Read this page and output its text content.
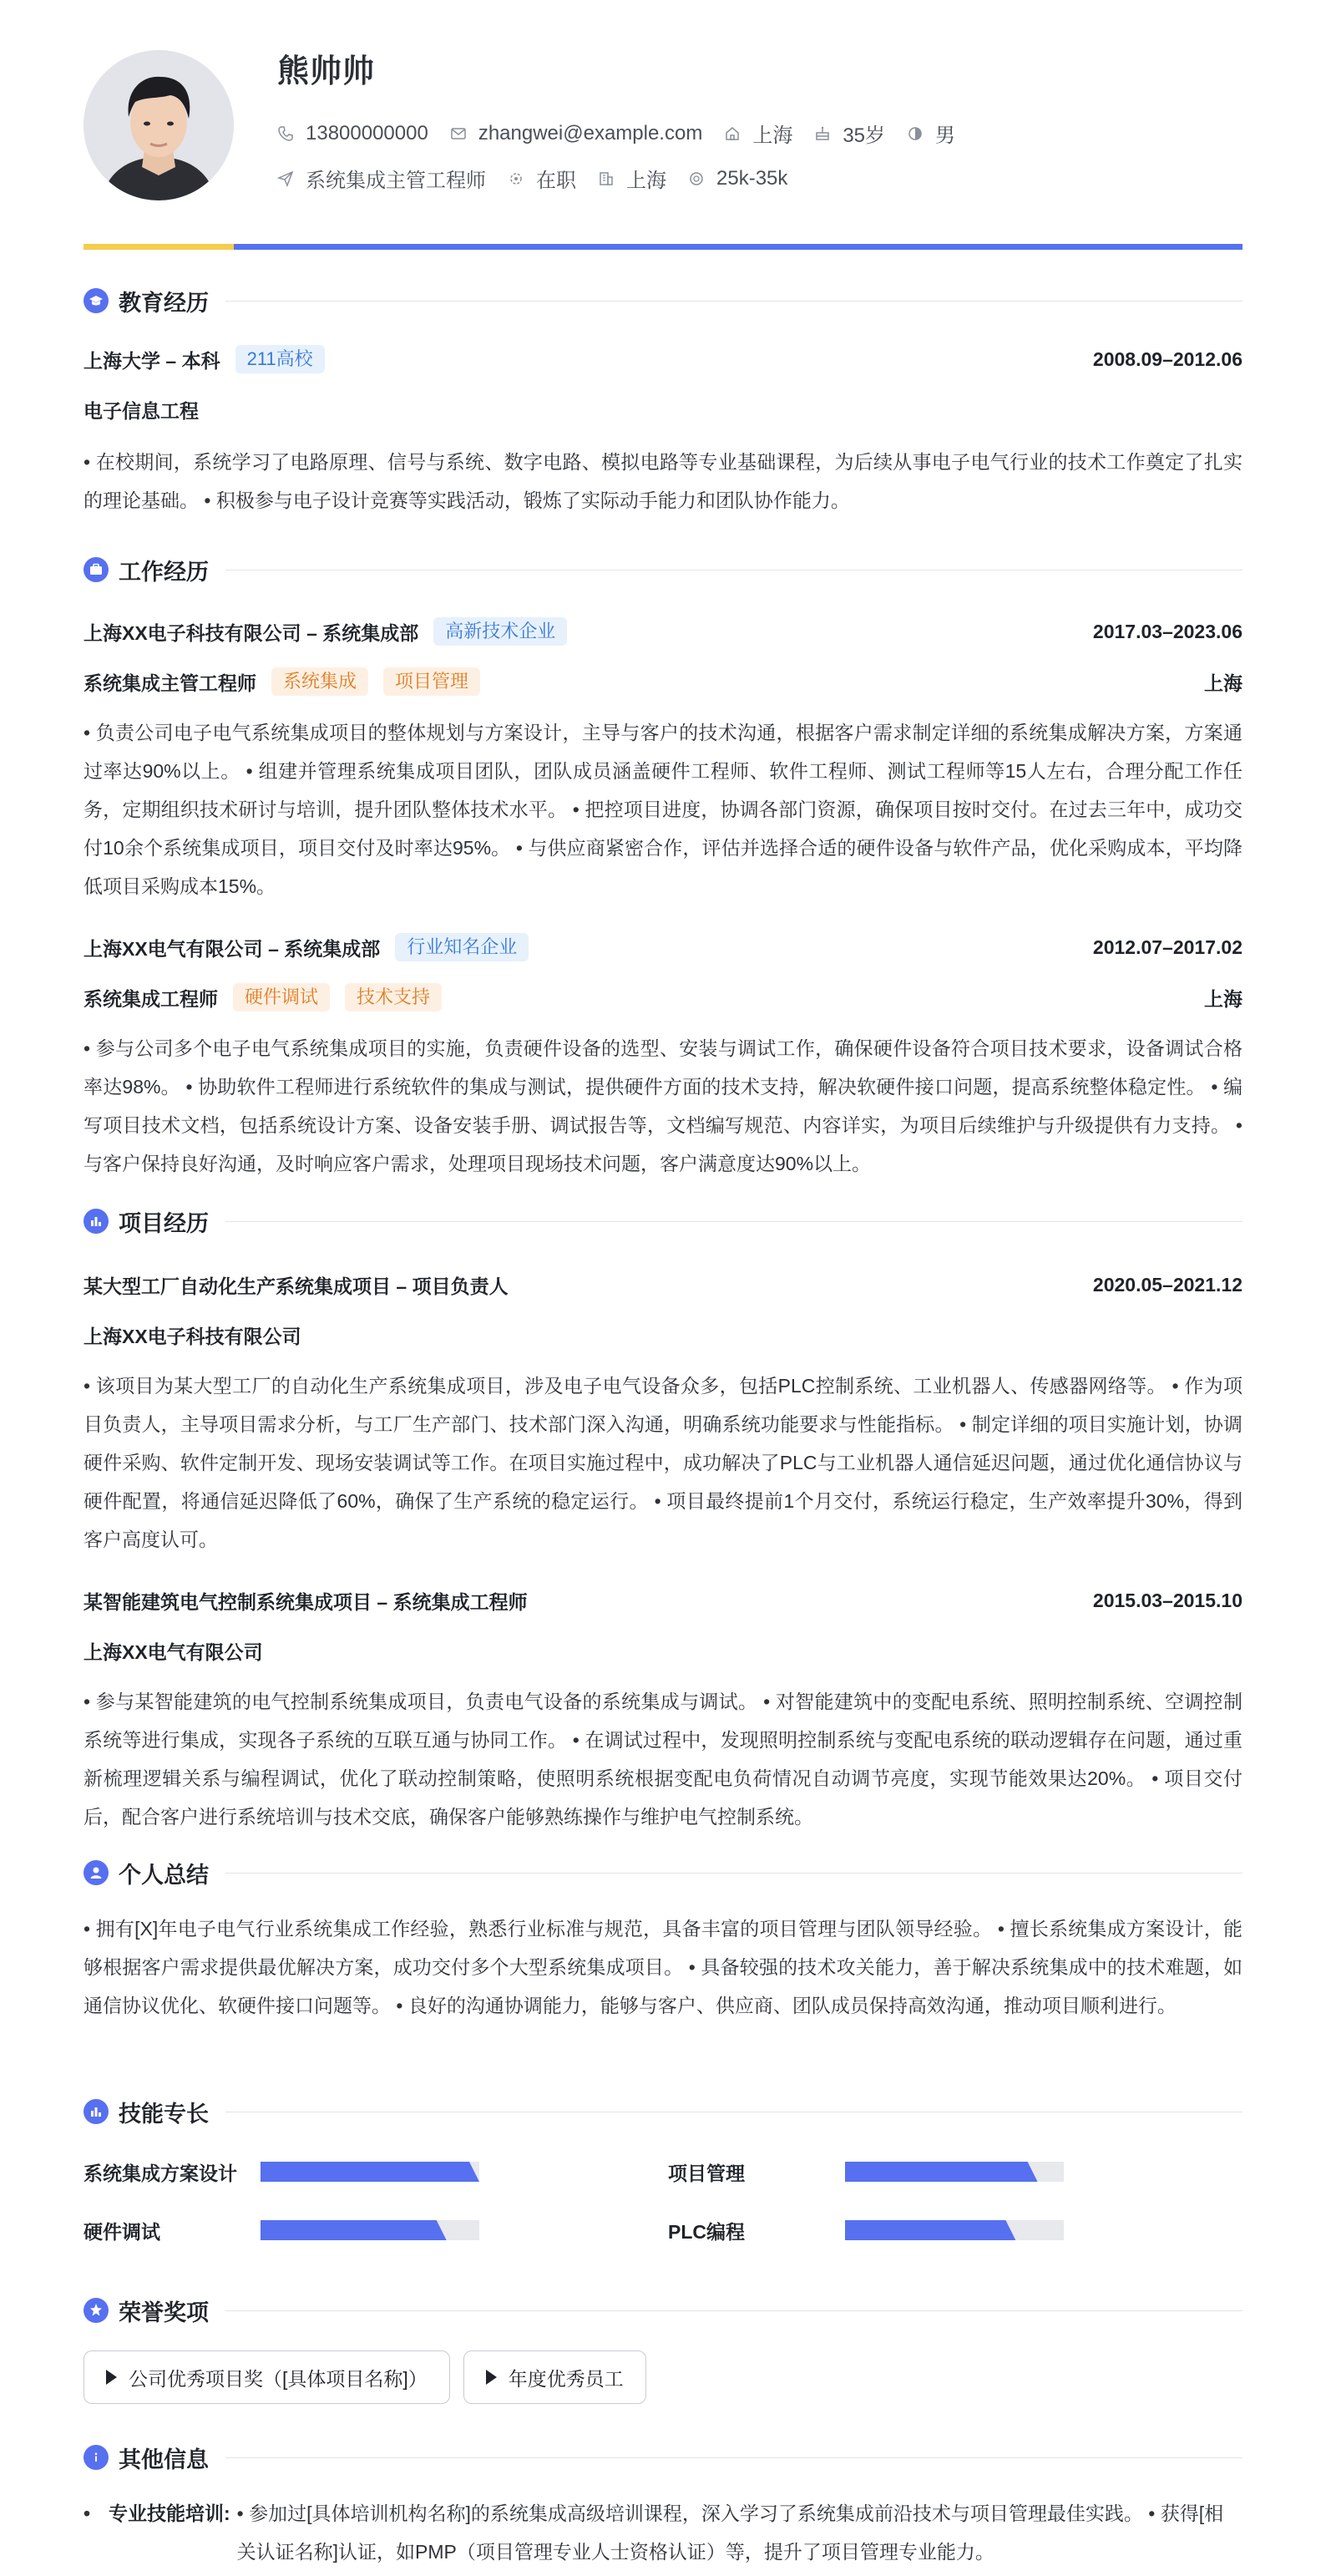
熊帅帅
13800000000	zhangwei@example.com	上海	35岁	男
系统集成主管工程师	在职	上海	25k-35k
教育经历
上海大学 – 本科	211高校	2008.09–2012.06
电子信息工程
• 在校期间，系统学习了电路原理、信号与系统、数字电路、模拟电路等专业基础课程，为后续从事电子电气行业的技术工作奠定了扎实的理论基础。 • 积极参与电子设计竞赛等实践活动，锻炼了实际动手能力和团队协作能力。
工作经历
上海XX电子科技有限公司 – 系统集成部	高新技术企业	2017.03–2023.06
系统集成主管工程师	系统集成	项目管理	上海
• 负责公司电子电气系统集成项目的整体规划与方案设计，主导与客户的技术沟通，根据客户需求制定详细的系统集成解决方案，方案通过率达90%以上。 • 组建并管理系统集成项目团队，团队成员涵盖硬件工程师、软件工程师、测试工程师等15人左右，合理分配工作任务，定期组织技术研讨与培训，提升团队整体技术水平。 • 把控项目进度，协调各部门资源，确保项目按时交付。在过去三年中，成功交付10余个系统集成项目，项目交付及时率达95%。 • 与供应商紧密合作，评估并选择合适的硬件设备与软件产品，优化采购成本，平均降低项目采购成本15%。
上海XX电气有限公司 – 系统集成部	行业知名企业	2012.07–2017.02
系统集成工程师	硬件调试	技术支持	上海
• 参与公司多个电子电气系统集成项目的实施，负责硬件设备的选型、安装与调试工作，确保硬件设备符合项目技术要求，设备调试合格率达98%。 • 协助软件工程师进行系统软件的集成与测试，提供硬件方面的技术支持，解决软硬件接口问题，提高系统整体稳定性。 • 编写项目技术文档，包括系统设计方案、设备安装手册、调试报告等，文档编写规范、内容详实，为项目后续维护与升级提供有力支持。 • 与客户保持良好沟通，及时响应客户需求，处理项目现场技术问题，客户满意度达90%以上。
项目经历
某大型工厂自动化生产系统集成项目 – 项目负责人	2020.05–2021.12
上海XX电子科技有限公司
• 该项目为某大型工厂的自动化生产系统集成项目，涉及电子电气设备众多，包括PLC控制系统、工业机器人、传感器网络等。 • 作为项目负责人，主导项目需求分析，与工厂生产部门、技术部门深入沟通，明确系统功能要求与性能指标。 • 制定详细的项目实施计划，协调硬件采购、软件定制开发、现场安装调试等工作。在项目实施过程中，成功解决了PLC与工业机器人通信延迟问题，通过优化通信协议与硬件配置，将通信延迟降低了60%，确保了生产系统的稳定运行。 • 项目最终提前1个月交付，系统运行稳定，生产效率提升30%，得到客户高度认可。
某智能建筑电气控制系统集成项目 – 系统集成工程师	2015.03–2015.10
上海XX电气有限公司
• 参与某智能建筑的电气控制系统集成项目，负责电气设备的系统集成与调试。 • 对智能建筑中的变配电系统、照明控制系统、空调控制系统等进行集成，实现各子系统的互联互通与协同工作。 • 在调试过程中，发现照明控制系统与变配电系统的联动逻辑存在问题，通过重新梳理逻辑关系与编程调试，优化了联动控制策略，使照明系统根据变配电负荷情况自动调节亮度，实现节能效果达20%。 • 项目交付后，配合客户进行系统培训与技术交底，确保客户能够熟练操作与维护电气控制系统。
个人总结
• 拥有[X]年电子电气行业系统集成工作经验，熟悉行业标准与规范，具备丰富的项目管理与团队领导经验。 • 擅长系统集成方案设计，能够根据客户需求提供最优解决方案，成功交付多个大型系统集成项目。 • 具备较强的技术攻关能力，善于解决系统集成中的技术难题，如通信协议优化、软硬件接口问题等。 • 良好的沟通协调能力，能够与客户、供应商、团队成员保持高效沟通，推动项目顺利进行。
技能专长
系统集成方案设计	项目管理
硬件调试	PLC编程
荣誉奖项
公司优秀项目奖（[具体项目名称]）	年度优秀员工
其他信息
• 专业技能培训: • 参加过[具体培训机构名称]的系统集成高级培训课程，深入学习了系统集成前沿技术与项目管理最佳实践。 • 获得[相关认证名称]认证，如PMP（项目管理专业人士资格认证）等，提升了项目管理专业能力。
